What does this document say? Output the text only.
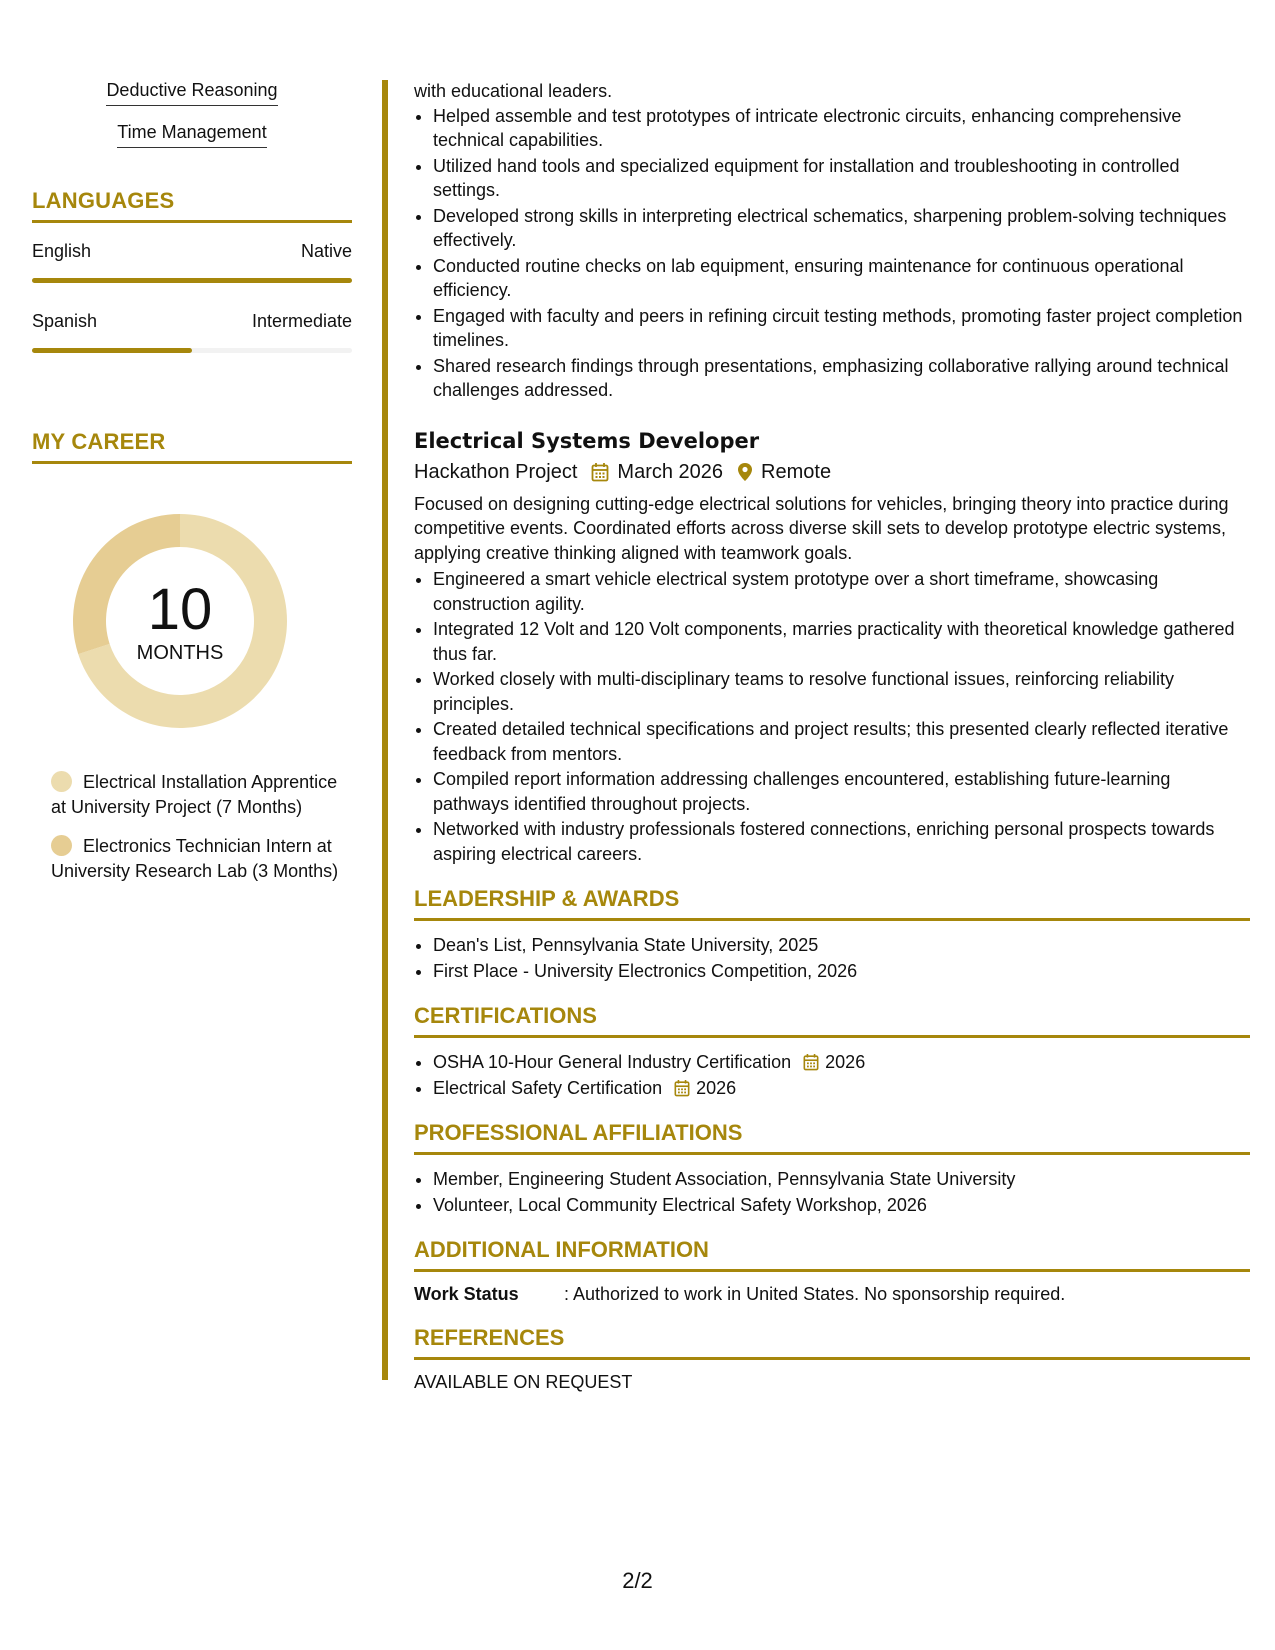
Deductive Reasoning
Time Management
LANGUAGES
English	Native
Spanish	Intermediate
MY CAREER
10
MONTHS
Electrical Installation Apprentice at University Project (7 Months)
Electronics Technician Intern at University Research Lab (3 Months)
with educational leaders.
• Helped assemble and test prototypes of intricate electronic circuits, enhancing comprehensive technical capabilities.
• Utilized hand tools and specialized equipment for installation and troubleshooting in controlled settings.
• Developed strong skills in interpreting electrical schematics, sharpening problem-solving techniques effectively.
• Conducted routine checks on lab equipment, ensuring maintenance for continuous operational efficiency.
• Engaged with faculty and peers in refining circuit testing methods, promoting faster project completion timelines.
• Shared research findings through presentations, emphasizing collaborative rallying around technical challenges addressed.
Electrical Systems Developer
Hackathon Project March 2026 Remote
Focused on designing cutting-edge electrical solutions for vehicles, bringing theory into practice during competitive events. Coordinated efforts across diverse skill sets to develop prototype electric systems, applying creative thinking aligned with teamwork goals.
• Engineered a smart vehicle electrical system prototype over a short timeframe, showcasing construction agility.
• Integrated 12 Volt and 120 Volt components, marries practicality with theoretical knowledge gathered thus far.
• Worked closely with multi-disciplinary teams to resolve functional issues, reinforcing reliability principles.
• Created detailed technical specifications and project results; this presented clearly reflected iterative feedback from mentors.
• Compiled report information addressing challenges encountered, establishing future-learning pathways identified throughout projects.
• Networked with industry professionals fostered connections, enriching personal prospects towards aspiring electrical careers.
LEADERSHIP & AWARDS
• Dean's List, Pennsylvania State University, 2025
• First Place - University Electronics Competition, 2026
CERTIFICATIONS
• OSHA 10-Hour General Industry Certification 2026
• Electrical Safety Certification 2026
PROFESSIONAL AFFILIATIONS
• Member, Engineering Student Association, Pennsylvania State University
• Volunteer, Local Community Electrical Safety Workshop, 2026
ADDITIONAL INFORMATION
Work Status	: Authorized to work in United States. No sponsorship required.
REFERENCES
AVAILABLE ON REQUEST
2/2
